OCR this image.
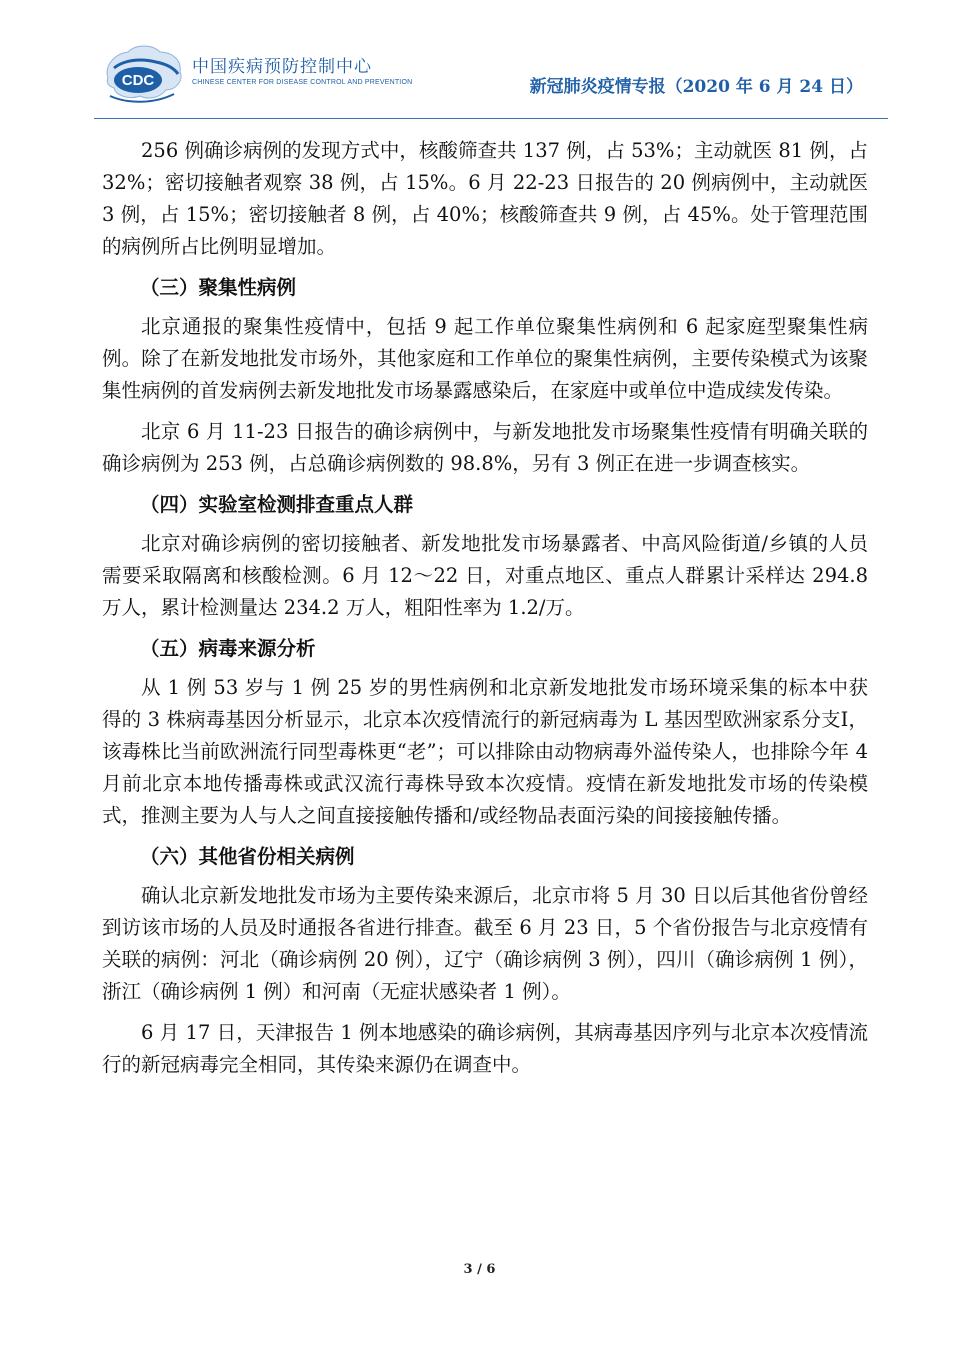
CDC
中国疾病预防控制中心
CHINESE CENTER FOR DISEASE CONTROL AND PREVENTION	新冠肺炎疫情专报（2020 年 6 月 24 日）

256 例确诊病例的发现方式中，核酸筛查共 137 例，占 53%；主动就医 81 例，占 32%；密切接触者观察 38 例，占 15%。6 月 22-23 日报告的 20 例病例中，主动就医 3 例，占 15%；密切接触者 8 例，占 40%；核酸筛查共 9 例，占 45%。处于管理范围的病例所占比例明显增加。

（三）聚集性病例

北京通报的聚集性疫情中，包括 9 起工作单位聚集性病例和 6 起家庭型聚集性病例。除了在新发地批发市场外，其他家庭和工作单位的聚集性病例，主要传染模式为该聚集性病例的首发病例去新发地批发市场暴露感染后，在家庭中或单位中造成续发传染。

北京 6 月 11-23 日报告的确诊病例中，与新发地批发市场聚集性疫情有明确关联的确诊病例为 253 例，占总确诊病例数的 98.8%，另有 3 例正在进一步调查核实。

（四）实验室检测排查重点人群

北京对确诊病例的密切接触者、新发地批发市场暴露者、中高风险街道/乡镇的人员需要采取隔离和核酸检测。6 月 12～22 日，对重点地区、重点人群累计采样达 294.8 万人，累计检测量达 234.2 万人，粗阳性率为 1.2/万。

（五）病毒来源分析

从 1 例 53 岁与 1 例 25 岁的男性病例和北京新发地批发市场环境采集的标本中获得的 3 株病毒基因分析显示，北京本次疫情流行的新冠病毒为 L 基因型欧洲家系分支Ⅰ，该毒株比当前欧洲流行同型毒株更“老”；可以排除由动物病毒外溢传染人，也排除今年 4 月前北京本地传播毒株或武汉流行毒株导致本次疫情。疫情在新发地批发市场的传染模式，推测主要为人与人之间直接接触传播和/或经物品表面污染的间接接触传播。

（六）其他省份相关病例

确认北京新发地批发市场为主要传染来源后，北京市将 5 月 30 日以后其他省份曾经到访该市场的人员及时通报各省进行排查。截至 6 月 23 日，5 个省份报告与北京疫情有关联的病例：河北（确诊病例 20 例），辽宁（确诊病例 3 例），四川（确诊病例 1 例），浙江（确诊病例 1 例）和河南（无症状感染者 1 例）。

6 月 17 日，天津报告 1 例本地感染的确诊病例，其病毒基因序列与北京本次疫情流行的新冠病毒完全相同，其传染来源仍在调查中。

3 / 6
